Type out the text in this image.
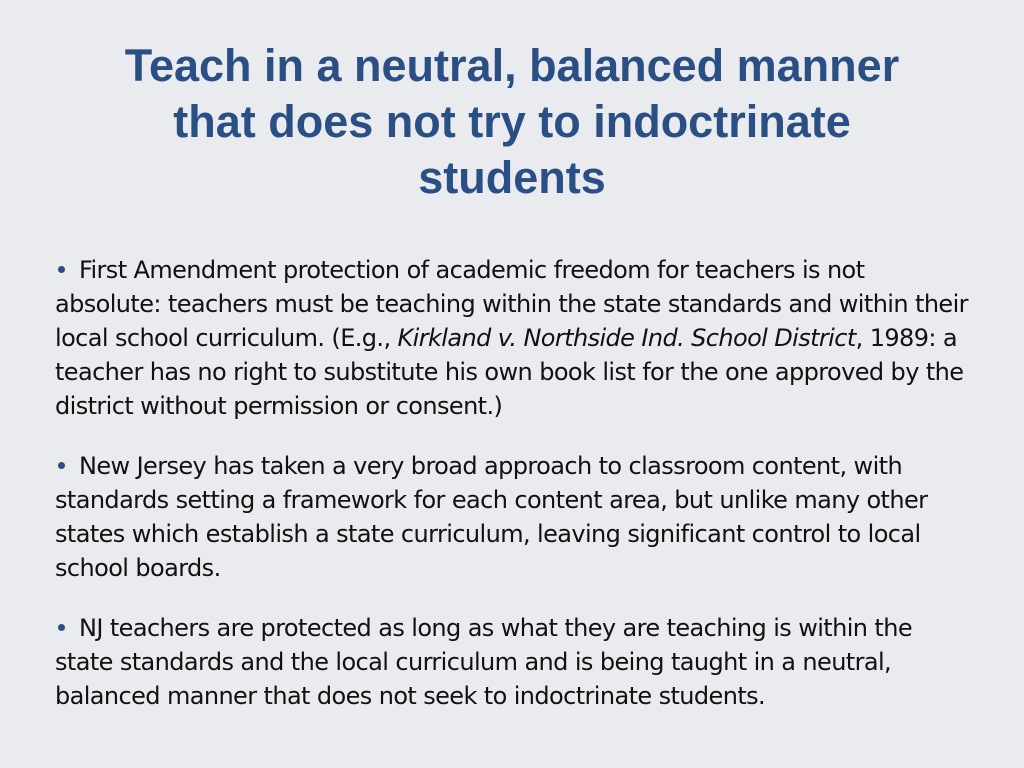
Teach in a neutral, balanced manner
that does not try to indoctrinate
students
First Amendment protection of academic freedom for teachers is not absolute: teachers must be teaching within the state standards and within their local school curriculum. (E.g., Kirkland v. Northside Ind. School District, 1989: a teacher has no right to substitute his own book list for the one approved by the district without permission or consent.)
New Jersey has taken a very broad approach to classroom content, with standards setting a framework for each content area, but unlike many other states which establish a state curriculum, leaving significant control to local school boards.
NJ teachers are protected as long as what they are teaching is within the state standards and the local curriculum and is being taught in a neutral, balanced manner that does not seek to indoctrinate students.
